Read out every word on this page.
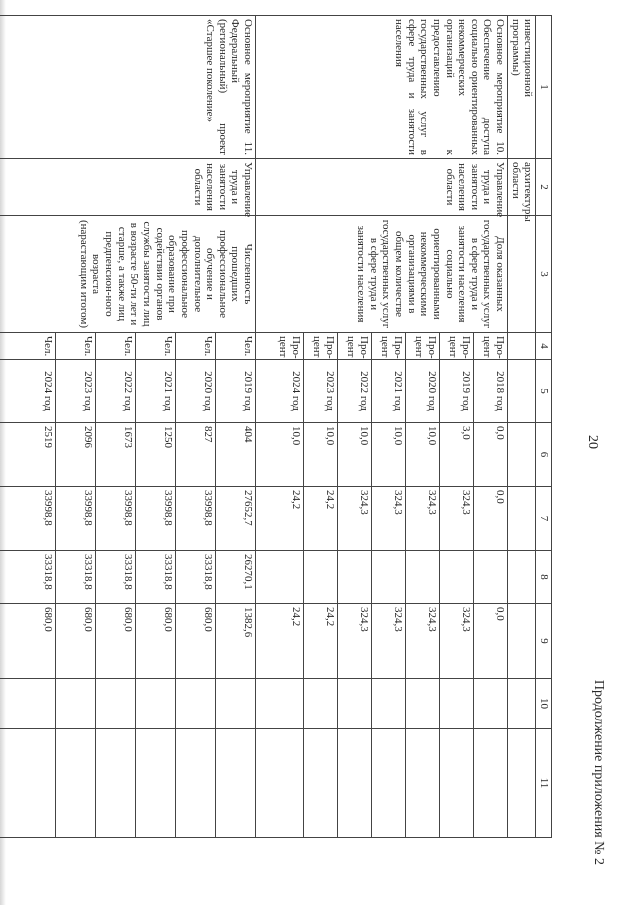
20
Продолжение приложения № 2
1	2	3	4	5	6	7	8	9	10	11
инвестиционной программы)	архитектуры области									
Основное мероприятие 10. Обеспечение доступа социально ориентированных некоммерческих организаций к предоставлению государственных услуг в сфере труда и занятости населения	Управление труда и занятости населения области	Доля оказанных государственных услуг в сфере труда и занятости населения социально ориентированными некоммерческими организациями в общем количестве государственных услуг в сфере труда и занятости населения	Про-цент	2018 год	0,0	0,0		0,0		
			Про-цент	2019 год	3,0	324,3		324,3		
			Про-цент	2020 год	10,0	324,3		324,3		
			Про-цент	2021 год	10,0	324,3		324,3		
			Про-цент	2022 год	10,0	324,3		324,3		
			Про-цент	2023 год	10,0	24,2		24,2		
			Про-цент	2024 год	10,0	24,2		24,2		
Основное мероприятие 11. Федеральный (региональный) проект «Старшее поколение»	Управление труда и занятости населения области	Численность прошедших профессиональное обучение и дополнительное профессиональное образование при содействии органов службы занятости лиц в возрасте 50-ти лет и старше, а также лиц предпенсион-ного возраста (нарастающим итогом)	Чел.	2019 год	404	27652,7	26270,1	1382,6		
			Чел.	2020 год	827	33998,8	33318,8	680,0		
			Чел.	2021 год	1250	33998,8	33318,8	680,0		
			Чел.	2022 год	1673	33998,8	33318,8	680,0		
			Чел.	2023 год	2096	33998,8	33318,8	680,0		
			Чел.	2024 год	2519	33998,8	33318,8	680,0		
